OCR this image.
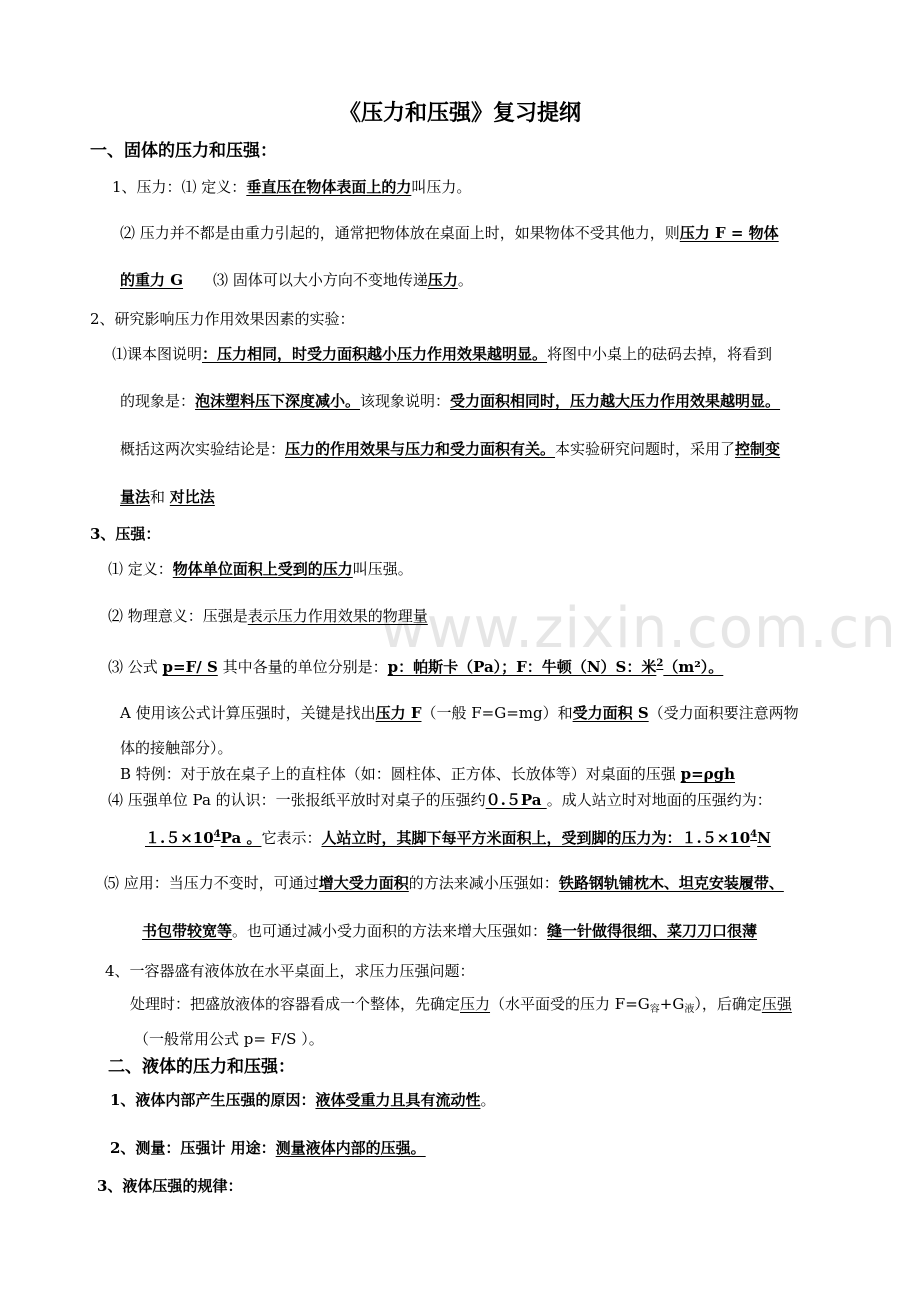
www.zixin.com.cn
《压力和压强》复习提纲
一、固体的压力和压强：
1、压力：⑴ 定义：垂直压在物体表面上的力叫压力。
⑵ 压力并不都是由重力引起的，通常把物体放在桌面上时，如果物体不受其他力，则压力 F = 物体
的重力 G ⑶ 固体可以大小方向不变地传递压力。
2、研究影响压力作用效果因素的实验：
⑴课本图说明：压力相同，时受力面积越小压力作用效果越明显。将图中小桌上的砝码去掉，将看到
的现象是：泡沫塑料压下深度减小。该现象说明：受力面积相同时，压力越大压力作用效果越明显。
概括这两次实验结论是：压力的作用效果与压力和受力面积有关。本实验研究问题时，采用了控制变
量法和 对比法
3、压强：
⑴ 定义：物体单位面积上受到的压力叫压强。
⑵ 物理意义：压强是表示压力作用效果的物理量
⑶ 公式 p=F/ S 其中各量的单位分别是：p：帕斯卡（Pa）；F：牛顿（N）S：米$^2$（m²）。
A 使用该公式计算压强时，关键是找出压力 F（一般 F=G=mg）和受力面积 S（受力面积要注意两物
体的接触部分）。
B 特例：对于放在桌子上的直柱体（如：圆柱体、正方体、长放体等）对桌面的压强 p=ρgh
⑷ 压强单位 Pa 的认识：一张报纸平放时对桌子的压强约０.５Pa 。成人站立时对地面的压强约为：
$1.5\times 10^4Pa$ 。它表示：人站立时，其脚下每平方米面积上，受到脚的压力为：$1.5\times 10^4N$
⑸ 应用：当压力不变时，可通过增大受力面积的方法来减小压强如：铁路钢轨铺枕木、坦克安装履带、
书包带较宽等。也可通过减小受力面积的方法来增大压强如：缝一针做得很细、菜刀刀口很薄
4、一容器盛有液体放在水平桌面上，求压力压强问题：
处理时：把盛放液体的容器看成一个整体，先确定压力（水平面受的压力 $F=G_容+G_液$），后确定压强
（一般常用公式 p= F/S ）。
二、液体的压力和压强：
1、液体内部产生压强的原因：液体受重力且具有流动性。
2、测量：压强计 用途：测量液体内部的压强。
3、液体压强的规律：
